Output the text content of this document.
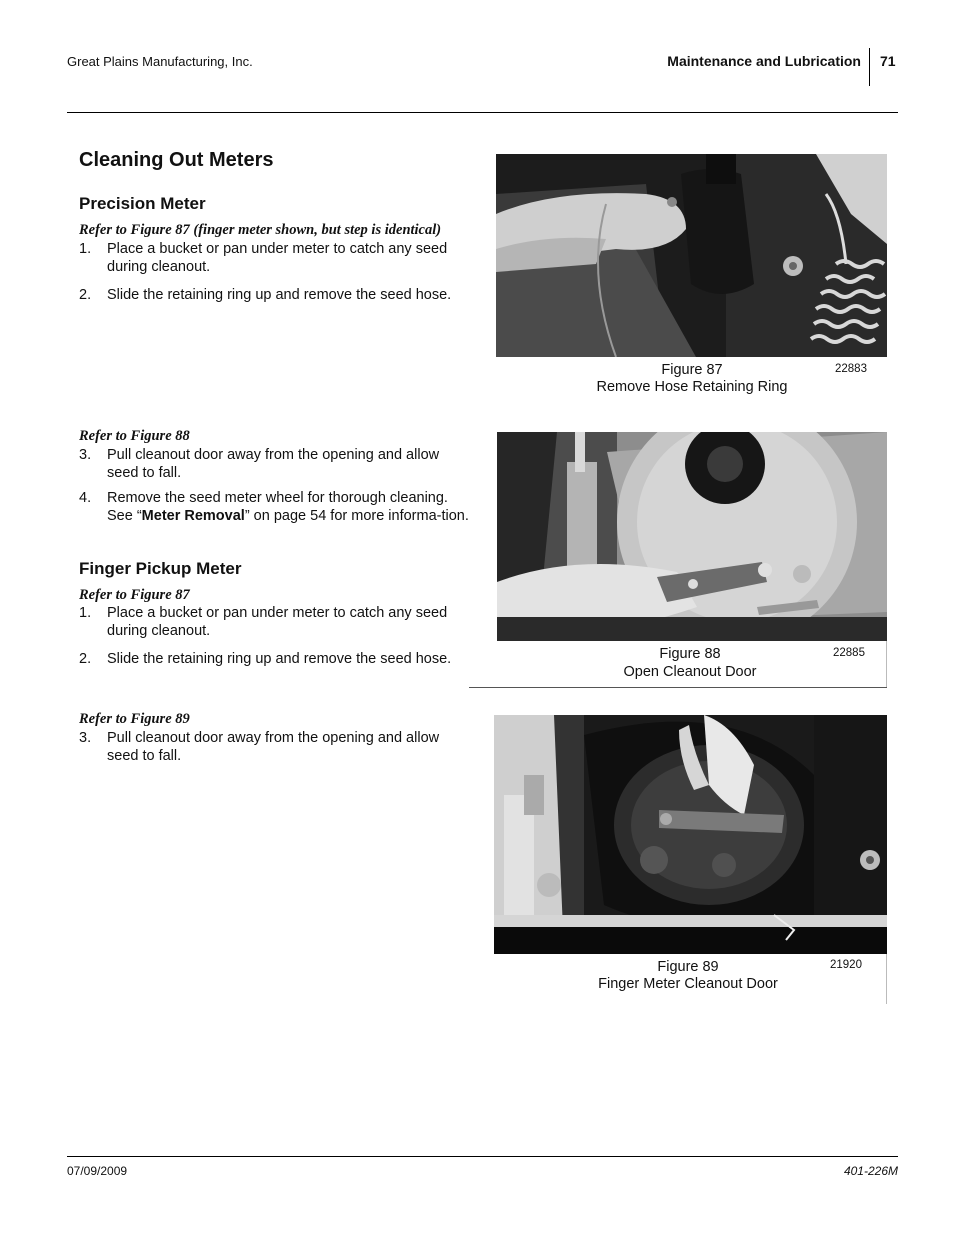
Great Plains Manufacturing, Inc.	Maintenance and Lubrication 71
Cleaning Out Meters
Precision Meter
Refer to Figure 87 (finger meter shown, but step is identical)
1. Place a bucket or pan under meter to catch any seed during cleanout.
2. Slide the retaining ring up and remove the seed hose.
Refer to Figure 88
3. Pull cleanout door away from the opening and allow seed to fall.
4. Remove the seed meter wheel for thorough cleaning. See “Meter Removal” on page 54 for more informa-tion.
Finger Pickup Meter
Refer to Figure 87
1. Place a bucket or pan under meter to catch any seed during cleanout.
2. Slide the retaining ring up and remove the seed hose.
Refer to Figure 89
3. Pull cleanout door away from the opening and allow seed to fall.
Figure 87
Remove Hose Retaining Ring
22883
Figure 88
Open Cleanout Door
22885
Figure 89
Finger Meter Cleanout Door
21920
07/09/2009	401-226M
